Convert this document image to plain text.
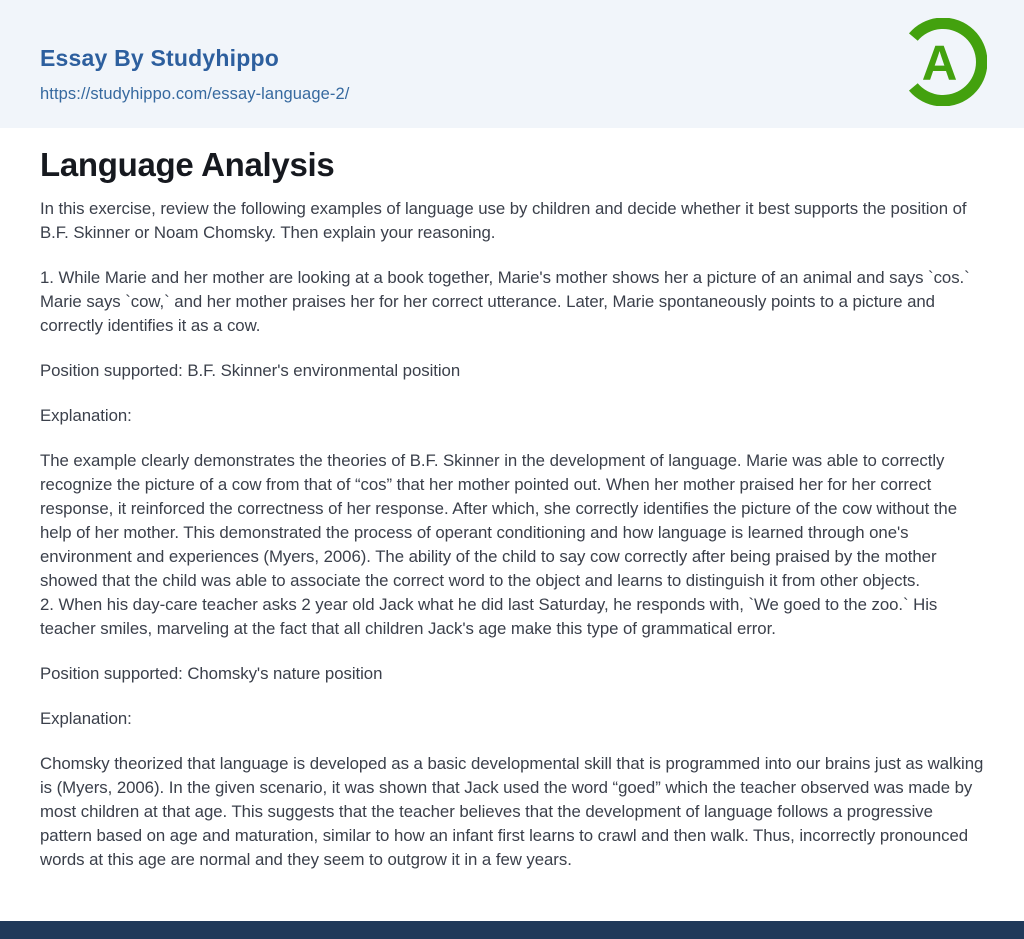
Essay By Studyhippo
https://studyhippo.com/essay-language-2/
A
Language Analysis

In this exercise, review the following examples of language use by children and decide whether it best supports the position of B.F. Skinner or Noam Chomsky. Then explain your reasoning.

1. While Marie and her mother are looking at a book together, Marie's mother shows her a picture of an animal and says `cos.` Marie says `cow,` and her mother praises her for her correct utterance. Later, Marie spontaneously points to a picture and correctly identifies it as a cow.

Position supported: B.F. Skinner's environmental position

Explanation:

The example clearly demonstrates the theories of B.F. Skinner in the development of language. Marie was able to correctly recognize the picture of a cow from that of “cos” that her mother pointed out. When her mother praised her for her correct response, it reinforced the correctness of her response. After which, she correctly identifies the picture of the cow without the help of her mother. This demonstrated the process of operant conditioning and how language is learned through one's environment and experiences (Myers, 2006). The ability of the child to say cow correctly after being praised by the mother showed that the child was able to associate the correct word to the object and learns to distinguish it from other objects.

2. When his day-care teacher asks 2 year old Jack what he did last Saturday, he responds with, `We goed to the zoo.` His teacher smiles, marveling at the fact that all children Jack's age make this type of grammatical error.

Position supported: Chomsky's nature position

Explanation:

Chomsky theorized that language is developed as a basic developmental skill that is programmed into our brains just as walking is (Myers, 2006). In the given scenario, it was shown that Jack used the word “goed” which the teacher observed was made by most children at that age. This suggests that the teacher believes that the development of language follows a progressive pattern based on age and maturation, similar to how an infant first learns to crawl and then walk. Thus, incorrectly pronounced words at this age are normal and they seem to outgrow it in a few years.
